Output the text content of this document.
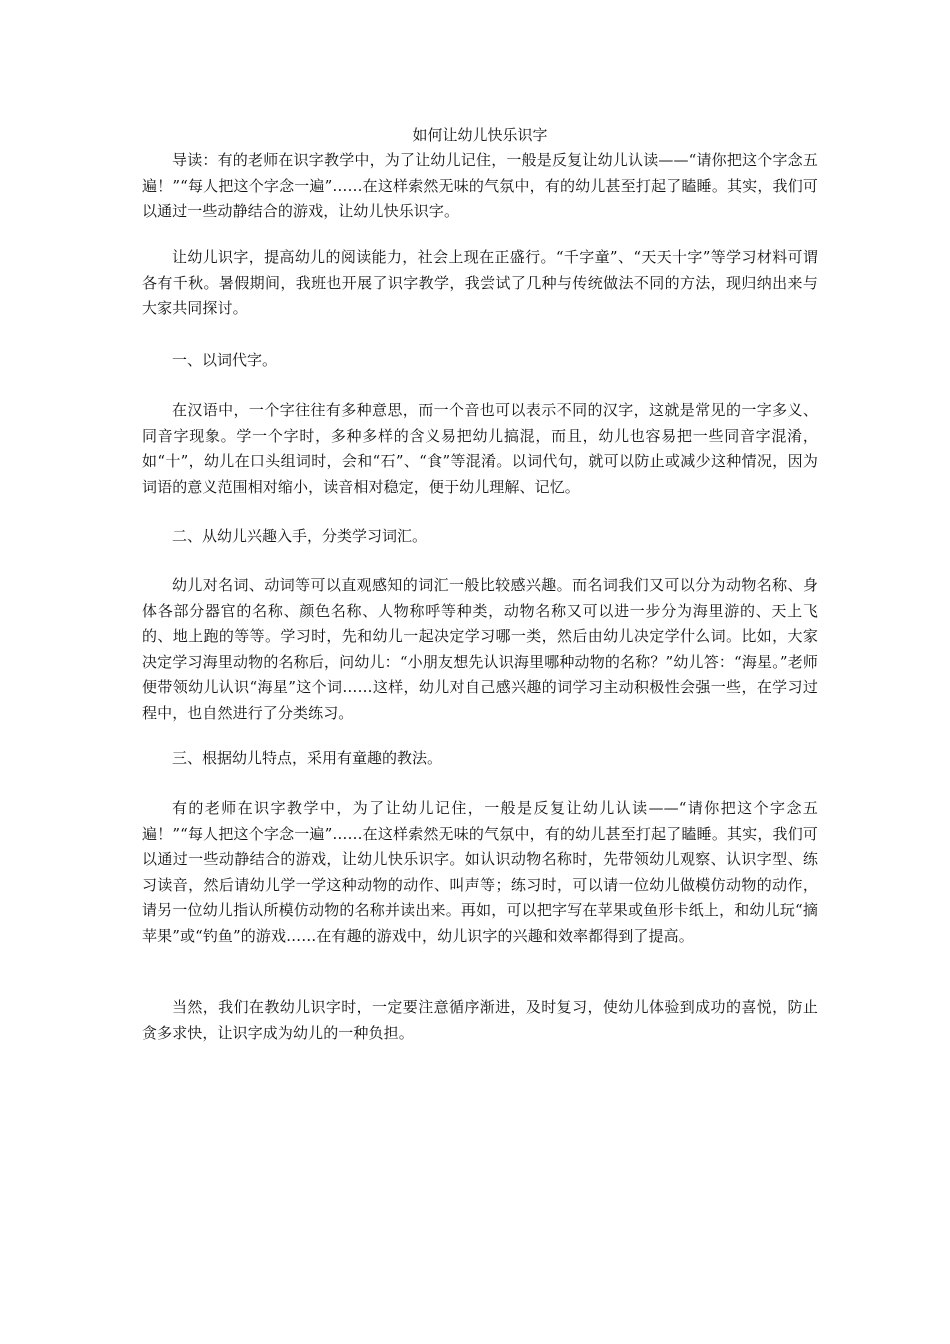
如何让幼儿快乐识字

导读：有的老师在识字教学中，为了让幼儿记住，一般是反复让幼儿认读——“请你把这个字念五遍！”“每人把这个字念一遍”……在这样索然无味的气氛中，有的幼儿甚至打起了瞌睡。其实，我们可以通过一些动静结合的游戏，让幼儿快乐识字。

让幼儿识字，提高幼儿的阅读能力，社会上现在正盛行。“千字童”、“天天十字”等学习材料可谓各有千秋。暑假期间，我班也开展了识字教学，我尝试了几种与传统做法不同的方法，现归纳出来与大家共同探讨。

一、以词代字。

在汉语中，一个字往往有多种意思，而一个音也可以表示不同的汉字，这就是常见的一字多义、同音字现象。学一个字时，多种多样的含义易把幼儿搞混，而且，幼儿也容易把一些同音字混淆，如“十”，幼儿在口头组词时，会和“石”、“食”等混淆。以词代句，就可以防止或减少这种情况，因为词语的意义范围相对缩小，读音相对稳定，便于幼儿理解、记忆。

二、从幼儿兴趣入手，分类学习词汇。

幼儿对名词、动词等可以直观感知的词汇一般比较感兴趣。而名词我们又可以分为动物名称、身体各部分器官的名称、颜色名称、人物称呼等种类，动物名称又可以进一步分为海里游的、天上飞的、地上跑的等等。学习时，先和幼儿一起决定学习哪一类，然后由幼儿决定学什么词。比如，大家决定学习海里动物的名称后，问幼儿：“小朋友想先认识海里哪种动物的名称？”幼儿答：“海星。”老师便带领幼儿认识“海星”这个词……这样，幼儿对自己感兴趣的词学习主动积极性会强一些，在学习过程中，也自然进行了分类练习。

三、根据幼儿特点，采用有童趣的教法。

有的老师在识字教学中，为了让幼儿记住，一般是反复让幼儿认读——“请你把这个字念五遍！”“每人把这个字念一遍”……在这样索然无味的气氛中，有的幼儿甚至打起了瞌睡。其实，我们可以通过一些动静结合的游戏，让幼儿快乐识字。如认识动物名称时，先带领幼儿观察、认识字型、练习读音，然后请幼儿学一学这种动物的动作、叫声等；练习时，可以请一位幼儿做模仿动物的动作，请另一位幼儿指认所模仿动物的名称并读出来。再如，可以把字写在苹果或鱼形卡纸上，和幼儿玩“摘苹果”或“钓鱼”的游戏……在有趣的游戏中，幼儿识字的兴趣和效率都得到了提高。

当然，我们在教幼儿识字时，一定要注意循序渐进，及时复习，使幼儿体验到成功的喜悦，防止贪多求快，让识字成为幼儿的一种负担。
